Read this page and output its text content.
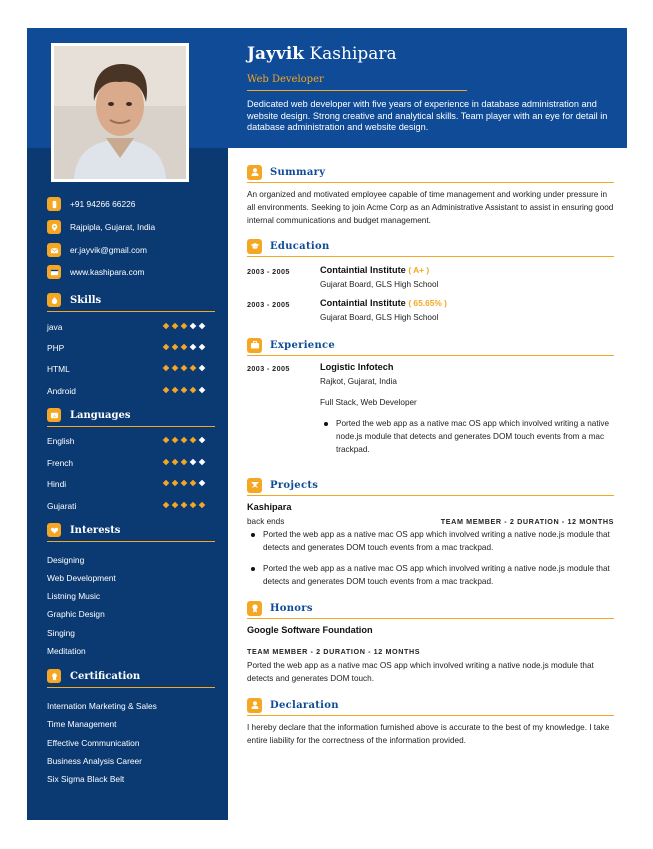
Jayvik Kashipara
Web Developer
Dedicated web developer with five years of experience in database administration and website design. Strong creative and analytical skills. Team player with an eye for detail in database administration and website design.
+91 94266 66226
Rajpipla, Gujarat, India
er.jayvik@gmail.com
www.kashipara.com
Skills
java
PHP
HTML
Android
A Languages
English
French
Hindi
Gujarati
Interests
Designing
Web Development
Listning Music
Graphic Design
Singing
Meditation
Certification
Internation Marketing & Sales
Time Management
Effective Communication
Business Analysis Career
Six Sigma Black Belt
Summary
An organized and motivated employee capable of time management and working under pressure in all environments. Seeking to join Acme Corp as an Administrative Assistant to assist in ensuring good internal communications and budget management.
Education
2003 - 2005	Containtial Institute ( A+ )
Gujarat Board, GLS High School
2003 - 2005	Containtial Institute ( 65.65% )
Gujarat Board, GLS High School
Experience
2003 - 2005	Logistic Infotech
Rajkot, Gujarat, India
Full Stack, Web Developer
Ported the web app as a native mac OS app which involved writing a native node.js module that detects and generates DOM touch events from a mac trackpad.
Projects
Kashipara
back ends	TEAM MEMBER - 2 DURATION - 12 MONTHS
Ported the web app as a native mac OS app which involved writing a native node.js module that detects and generates DOM touch events from a mac trackpad.
Ported the web app as a native mac OS app which involved writing a native node.js module that detects and generates DOM touch events from a mac trackpad.
Honors
Google Software Foundation
TEAM MEMBER - 2 DURATION - 12 MONTHS
Ported the web app as a native mac OS app which involved writing a native node.js module that detects and generates DOM touch.
Declaration
I hereby declare that the information furnished above is accurate to the best of my knowledge. I take entire liability for the correctness of the information provided.
